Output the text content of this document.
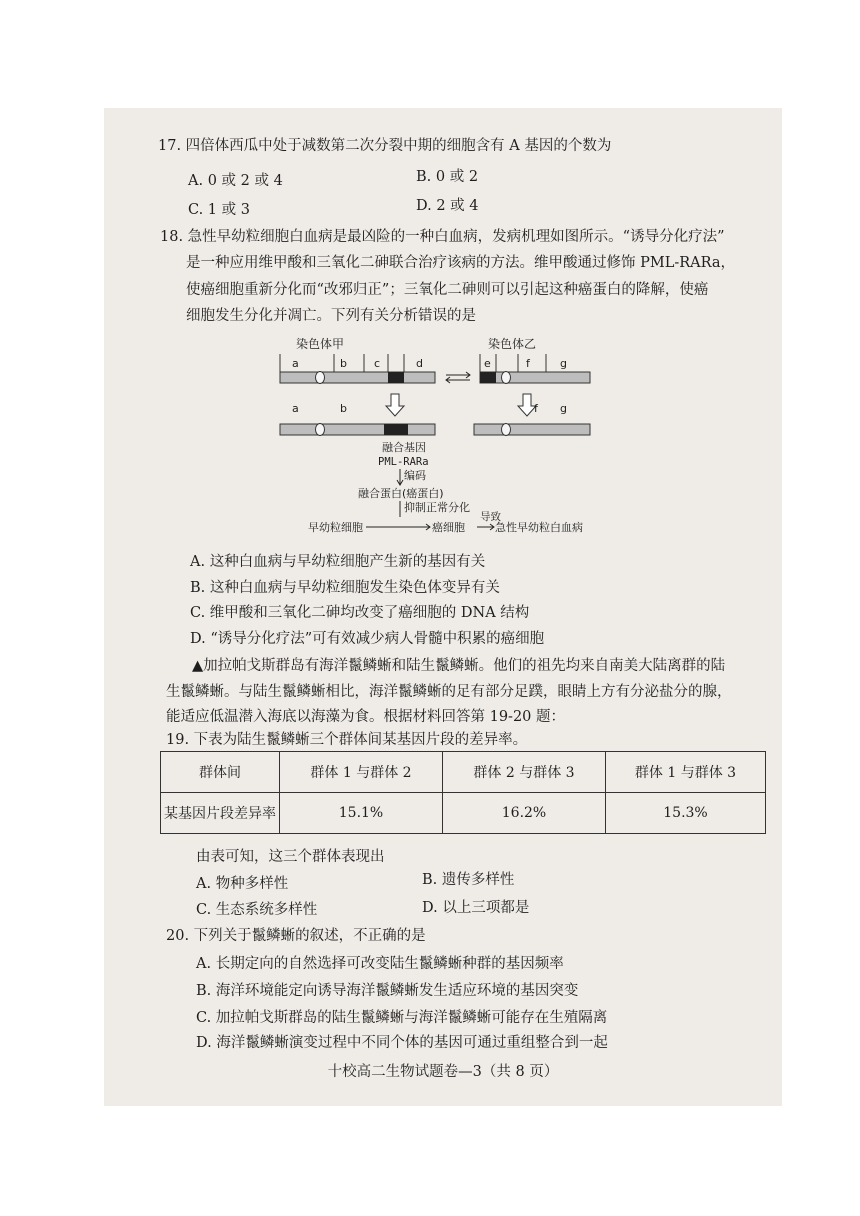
17. 四倍体西瓜中处于减数第二次分裂中期的细胞含有 A 基因的个数为
A. 0 或 2 或 4	B. 0 或 2
C. 1 或 3	D. 2 或 4
18. 急性早幼粒细胞白血病是最凶险的一种白血病，发病机理如图所示。“诱导分化疗法”
是一种应用维甲酸和三氧化二砷联合治疗该病的方法。维甲酸通过修饰 PML-RARa，
使癌细胞重新分化而“改邪归正”；三氧化二砷则可以引起这种癌蛋白的降解，使癌
细胞发生分化并凋亡。下列有关分析错误的是
染色体甲	染色体乙
a	b c	d	e	f	g
a	b	f g
融合基因
PML-RARa
编码
融合蛋白(癌蛋白)
抑制正常分化
导致
早幼粒细胞	癌细胞	急性早幼粒白血病
A. 这种白血病与早幼粒细胞产生新的基因有关
B. 这种白血病与早幼粒细胞发生染色体变异有关
C. 维甲酸和三氧化二砷均改变了癌细胞的 DNA 结构
D. “诱导分化疗法”可有效减少病人骨髓中积累的癌细胞
▲加拉帕戈斯群岛有海洋鬣鳞蜥和陆生鬣鳞蜥。他们的祖先均来自南美大陆离群的陆
生鬣鳞蜥。与陆生鬣鳞蜥相比，海洋鬣鳞蜥的足有部分足蹼，眼睛上方有分泌盐分的腺，
能适应低温潜入海底以海藻为食。根据材料回答第 19-20 题：
19. 下表为陆生鬣鳞蜥三个群体间某基因片段的差异率。
群体间	群体 1 与群体 2	群体 2 与群体 3	群体 1 与群体 3
某基因片段差异率	15.1%	16.2%	15.3%
由表可知，这三个群体表现出
A. 物种多样性	B. 遗传多样性
C. 生态系统多样性	D. 以上三项都是
20. 下列关于鬣鳞蜥的叙述，不正确的是
A. 长期定向的自然选择可改变陆生鬣鳞蜥种群的基因频率
B. 海洋环境能定向诱导海洋鬣鳞蜥发生适应环境的基因突变
C. 加拉帕戈斯群岛的陆生鬣鳞蜥与海洋鬣鳞蜥可能存在生殖隔离
D. 海洋鬣鳞蜥演变过程中不同个体的基因可通过重组整合到一起
十校高二生物试题卷—3（共 8 页）
